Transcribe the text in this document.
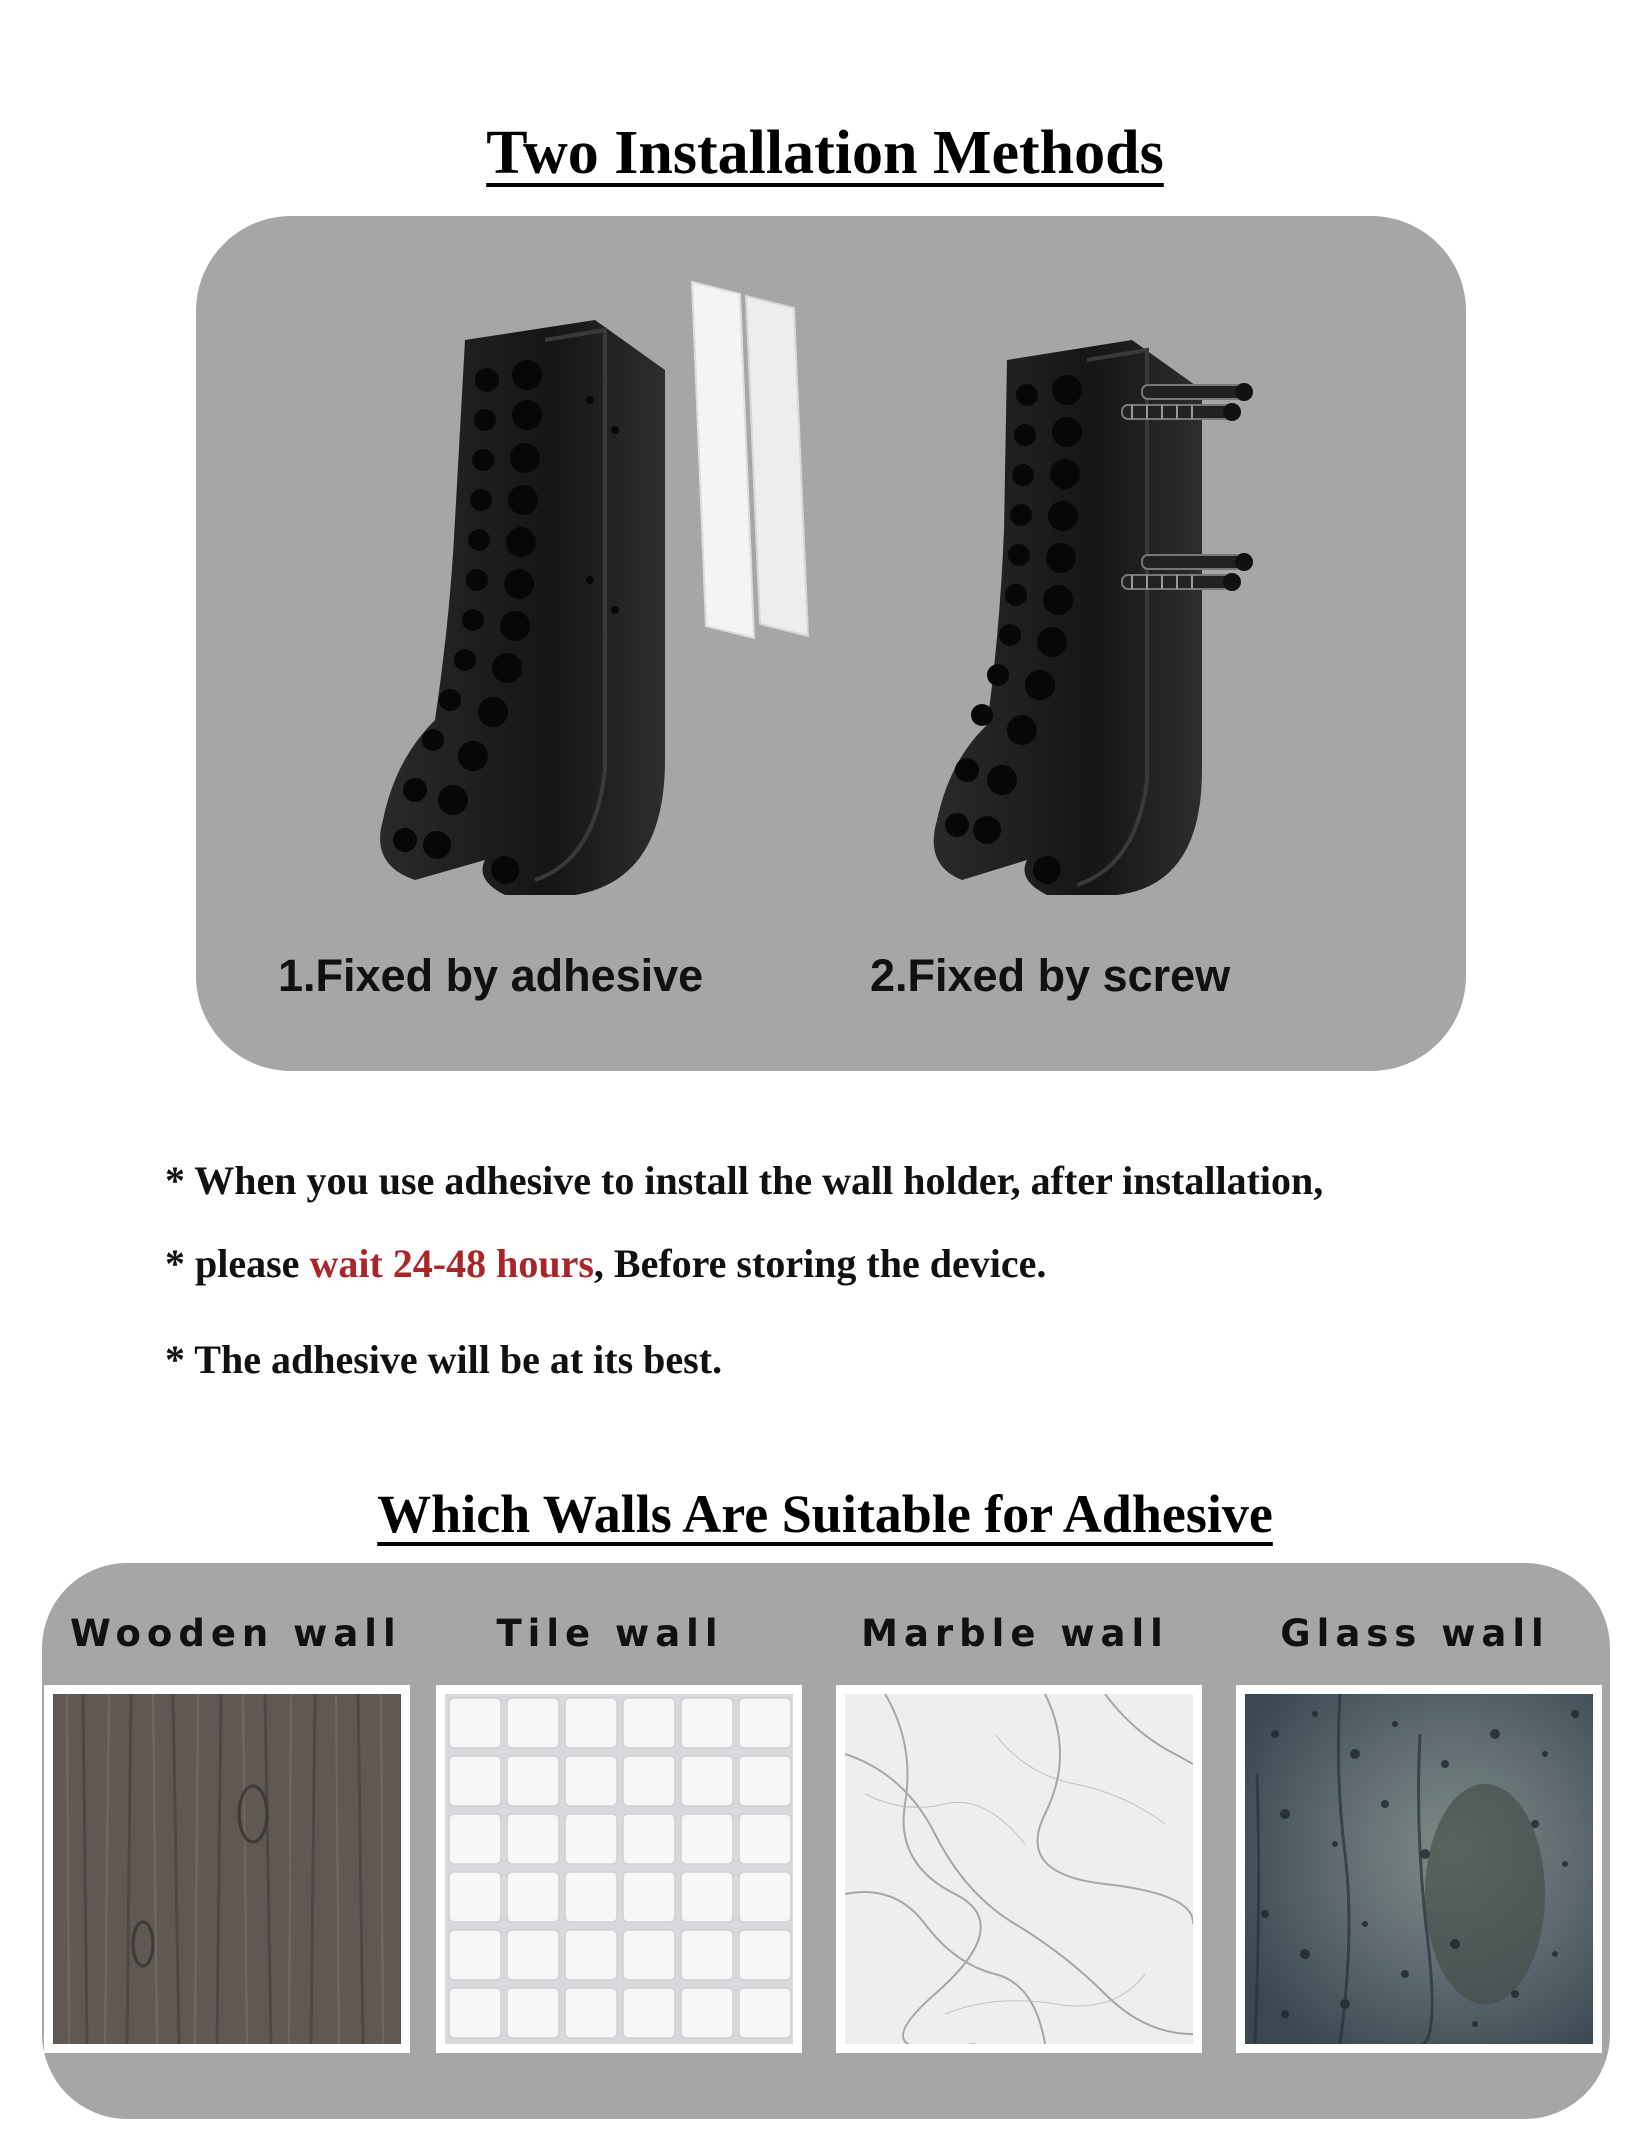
Two Installation Methods
1.Fixed by adhesive	2.Fixed by screw
* When you use adhesive to install the wall holder, after installation,
* please wait 24-48 hours, Before storing the device.
* The adhesive will be at its best.
Which Walls Are Suitable for Adhesive
Wooden wall	Tile wall	Marble wall	Glass wall
